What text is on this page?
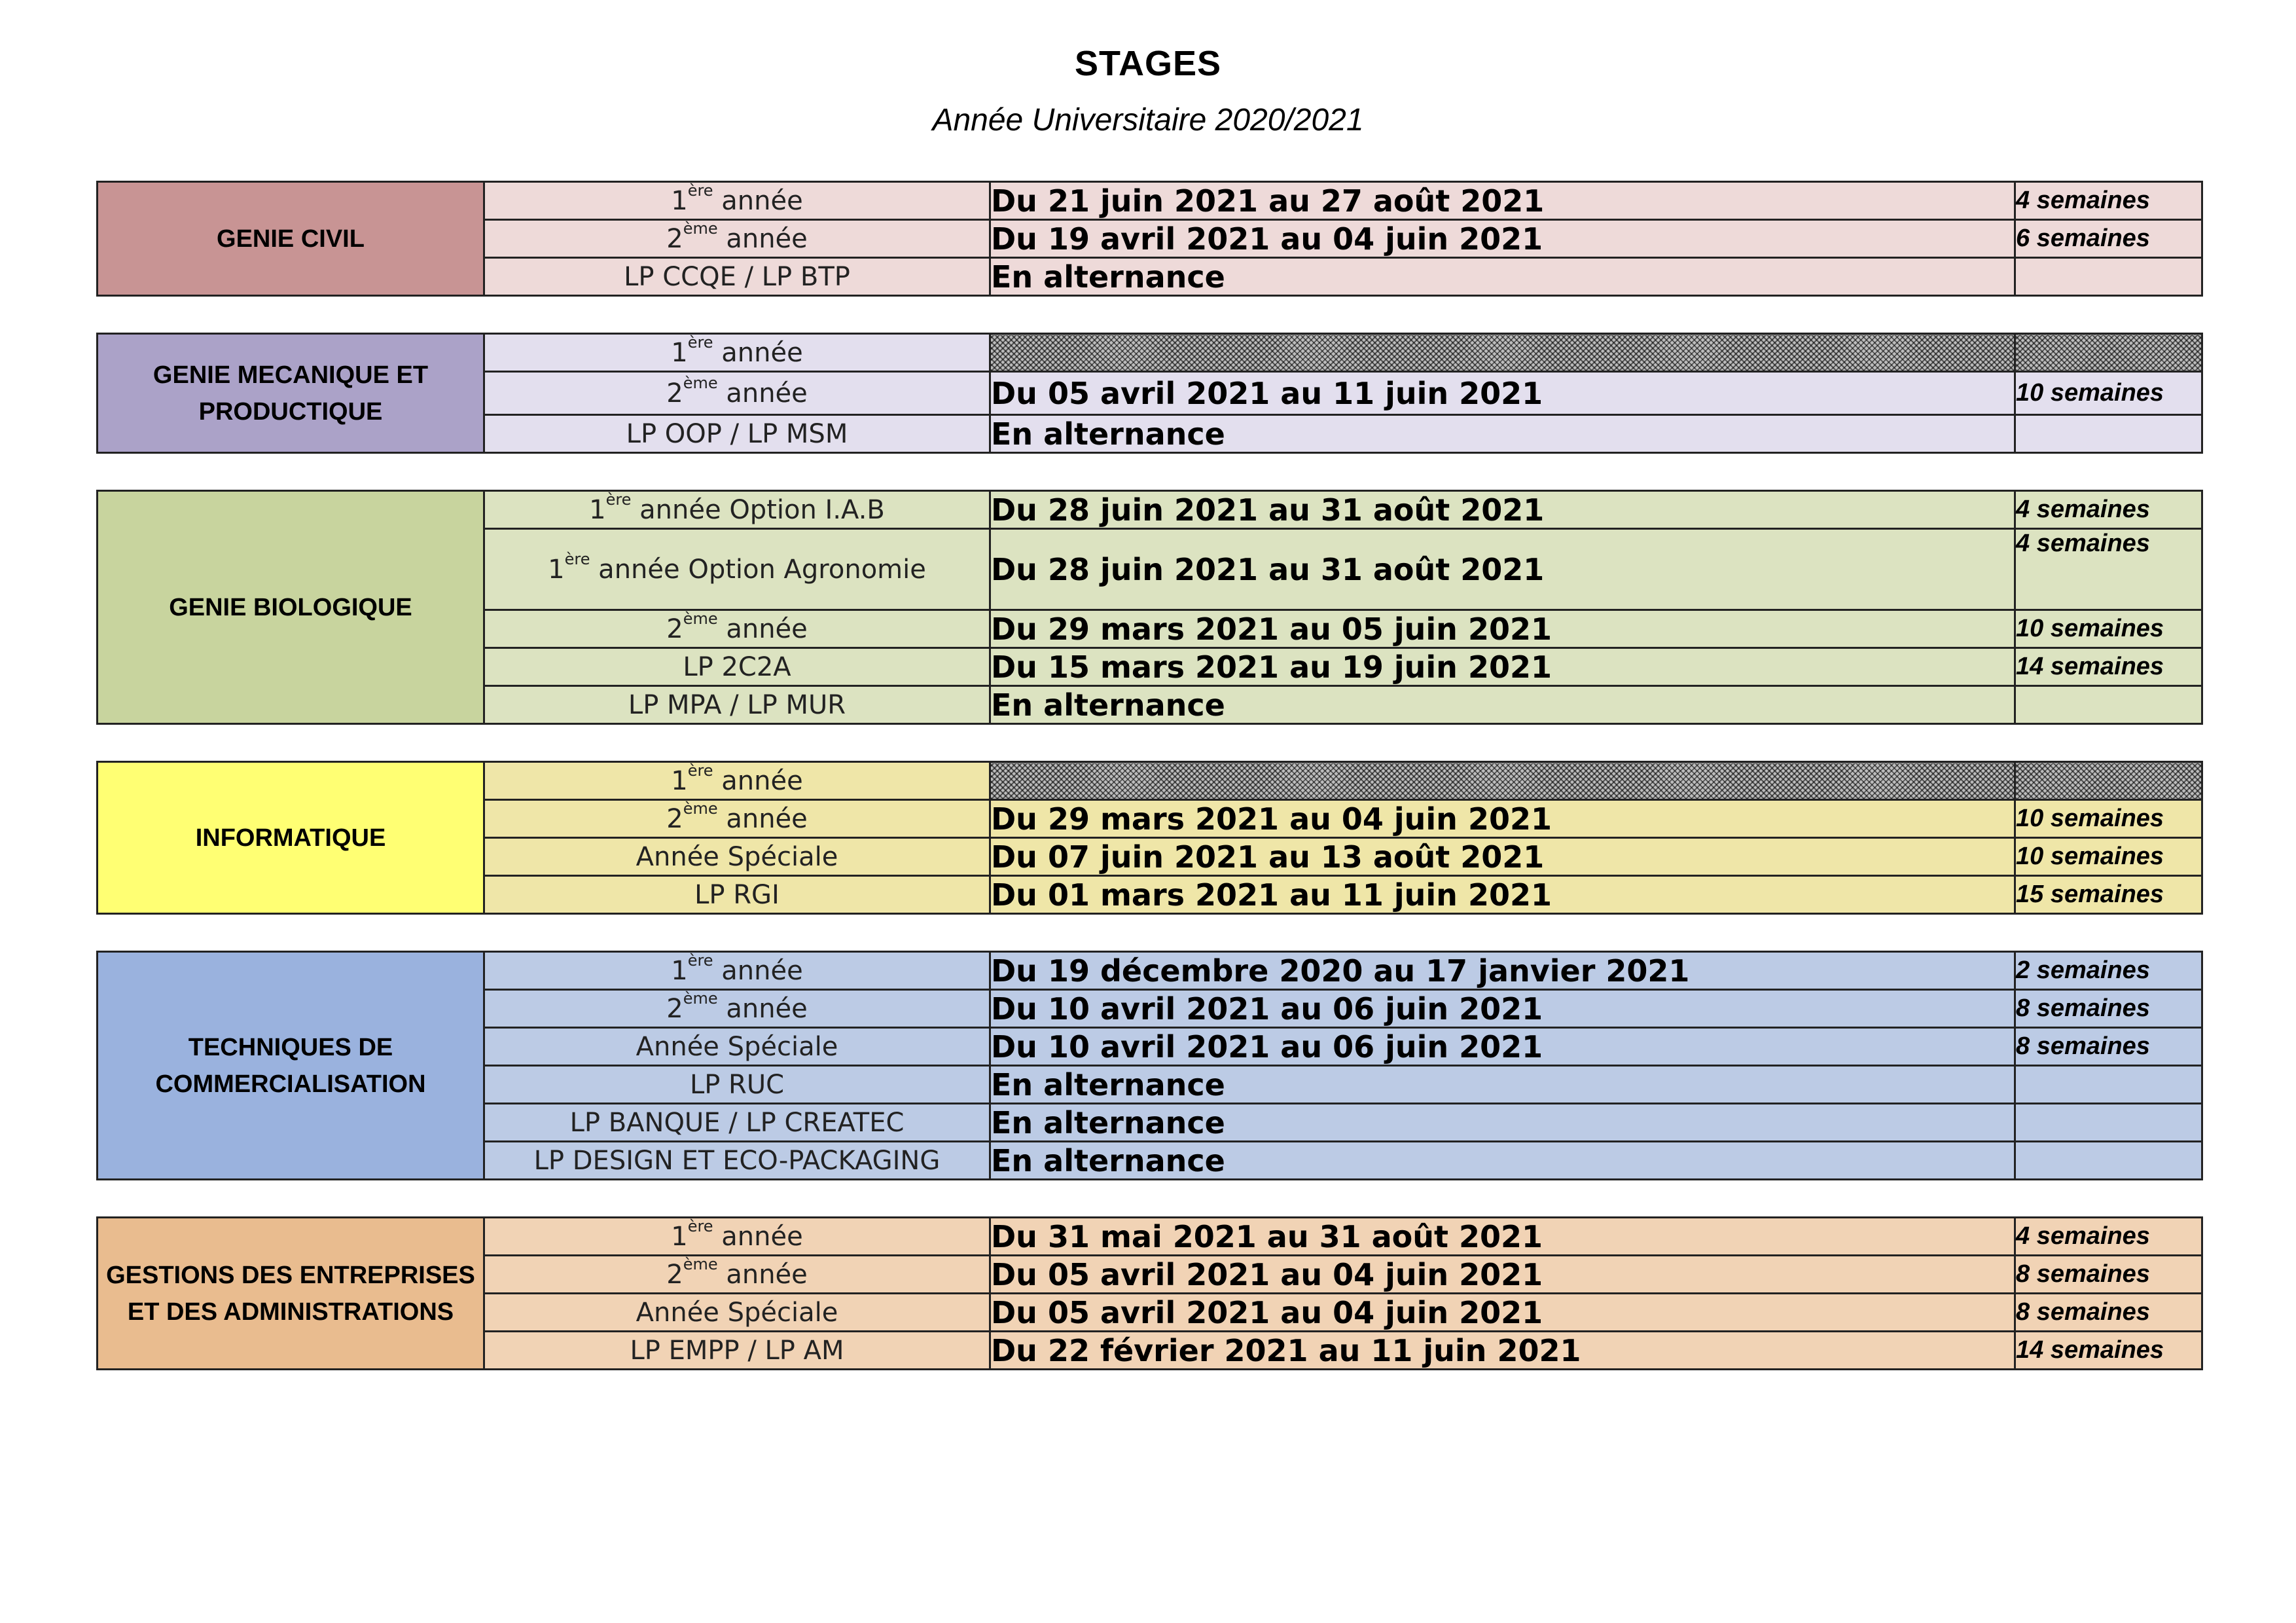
STAGES
Année Universitaire 2020/2021
GENIE CIVIL	1ère année	Du 21 juin 2021 au 27 août 2021	4 semaines
	2ème année	Du 19 avril 2021 au 04 juin 2021	6 semaines
	LP CCQE / LP BTP	En alternance	
GENIE MECANIQUE ET PRODUCTIQUE	1ère année		
	2ème année	Du 05 avril 2021 au 11 juin 2021	10 semaines
	LP OOP / LP MSM	En alternance	
GENIE BIOLOGIQUE	1ère année Option I.A.B	Du 28 juin 2021 au 31 août 2021	4 semaines
	1ère année Option Agronomie	Du 28 juin 2021 au 31 août 2021	4 semaines
	2ème année	Du 29 mars 2021 au 05 juin 2021	10 semaines
	LP 2C2A	Du 15 mars 2021 au 19 juin 2021	14 semaines
	LP MPA / LP MUR	En alternance	
INFORMATIQUE	1ère année		
	2ème année	Du 29 mars 2021 au 04 juin 2021	10 semaines
	Année Spéciale	Du 07 juin 2021 au 13 août 2021	10 semaines
	LP RGI	Du 01 mars 2021 au 11 juin 2021	15 semaines
TECHNIQUES DE COMMERCIALISATION	1ère année	Du 19 décembre 2020 au 17 janvier 2021	2 semaines
	2ème année	Du 10 avril 2021 au 06 juin 2021	8 semaines
	Année Spéciale	Du 10 avril 2021 au 06 juin 2021	8 semaines
	LP RUC	En alternance	
	LP BANQUE / LP CREATEC	En alternance	
	LP DESIGN ET ECO-PACKAGING	En alternance	
GESTIONS DES ENTREPRISES ET DES ADMINISTRATIONS	1ère année	Du 31 mai 2021 au 31 août 2021	4 semaines
	2ème année	Du 05 avril 2021 au 04 juin 2021	8 semaines
	Année Spéciale	Du 05 avril 2021 au 04 juin 2021	8 semaines
	LP EMPP / LP AM	Du 22 février 2021 au 11 juin 2021	14 semaines
